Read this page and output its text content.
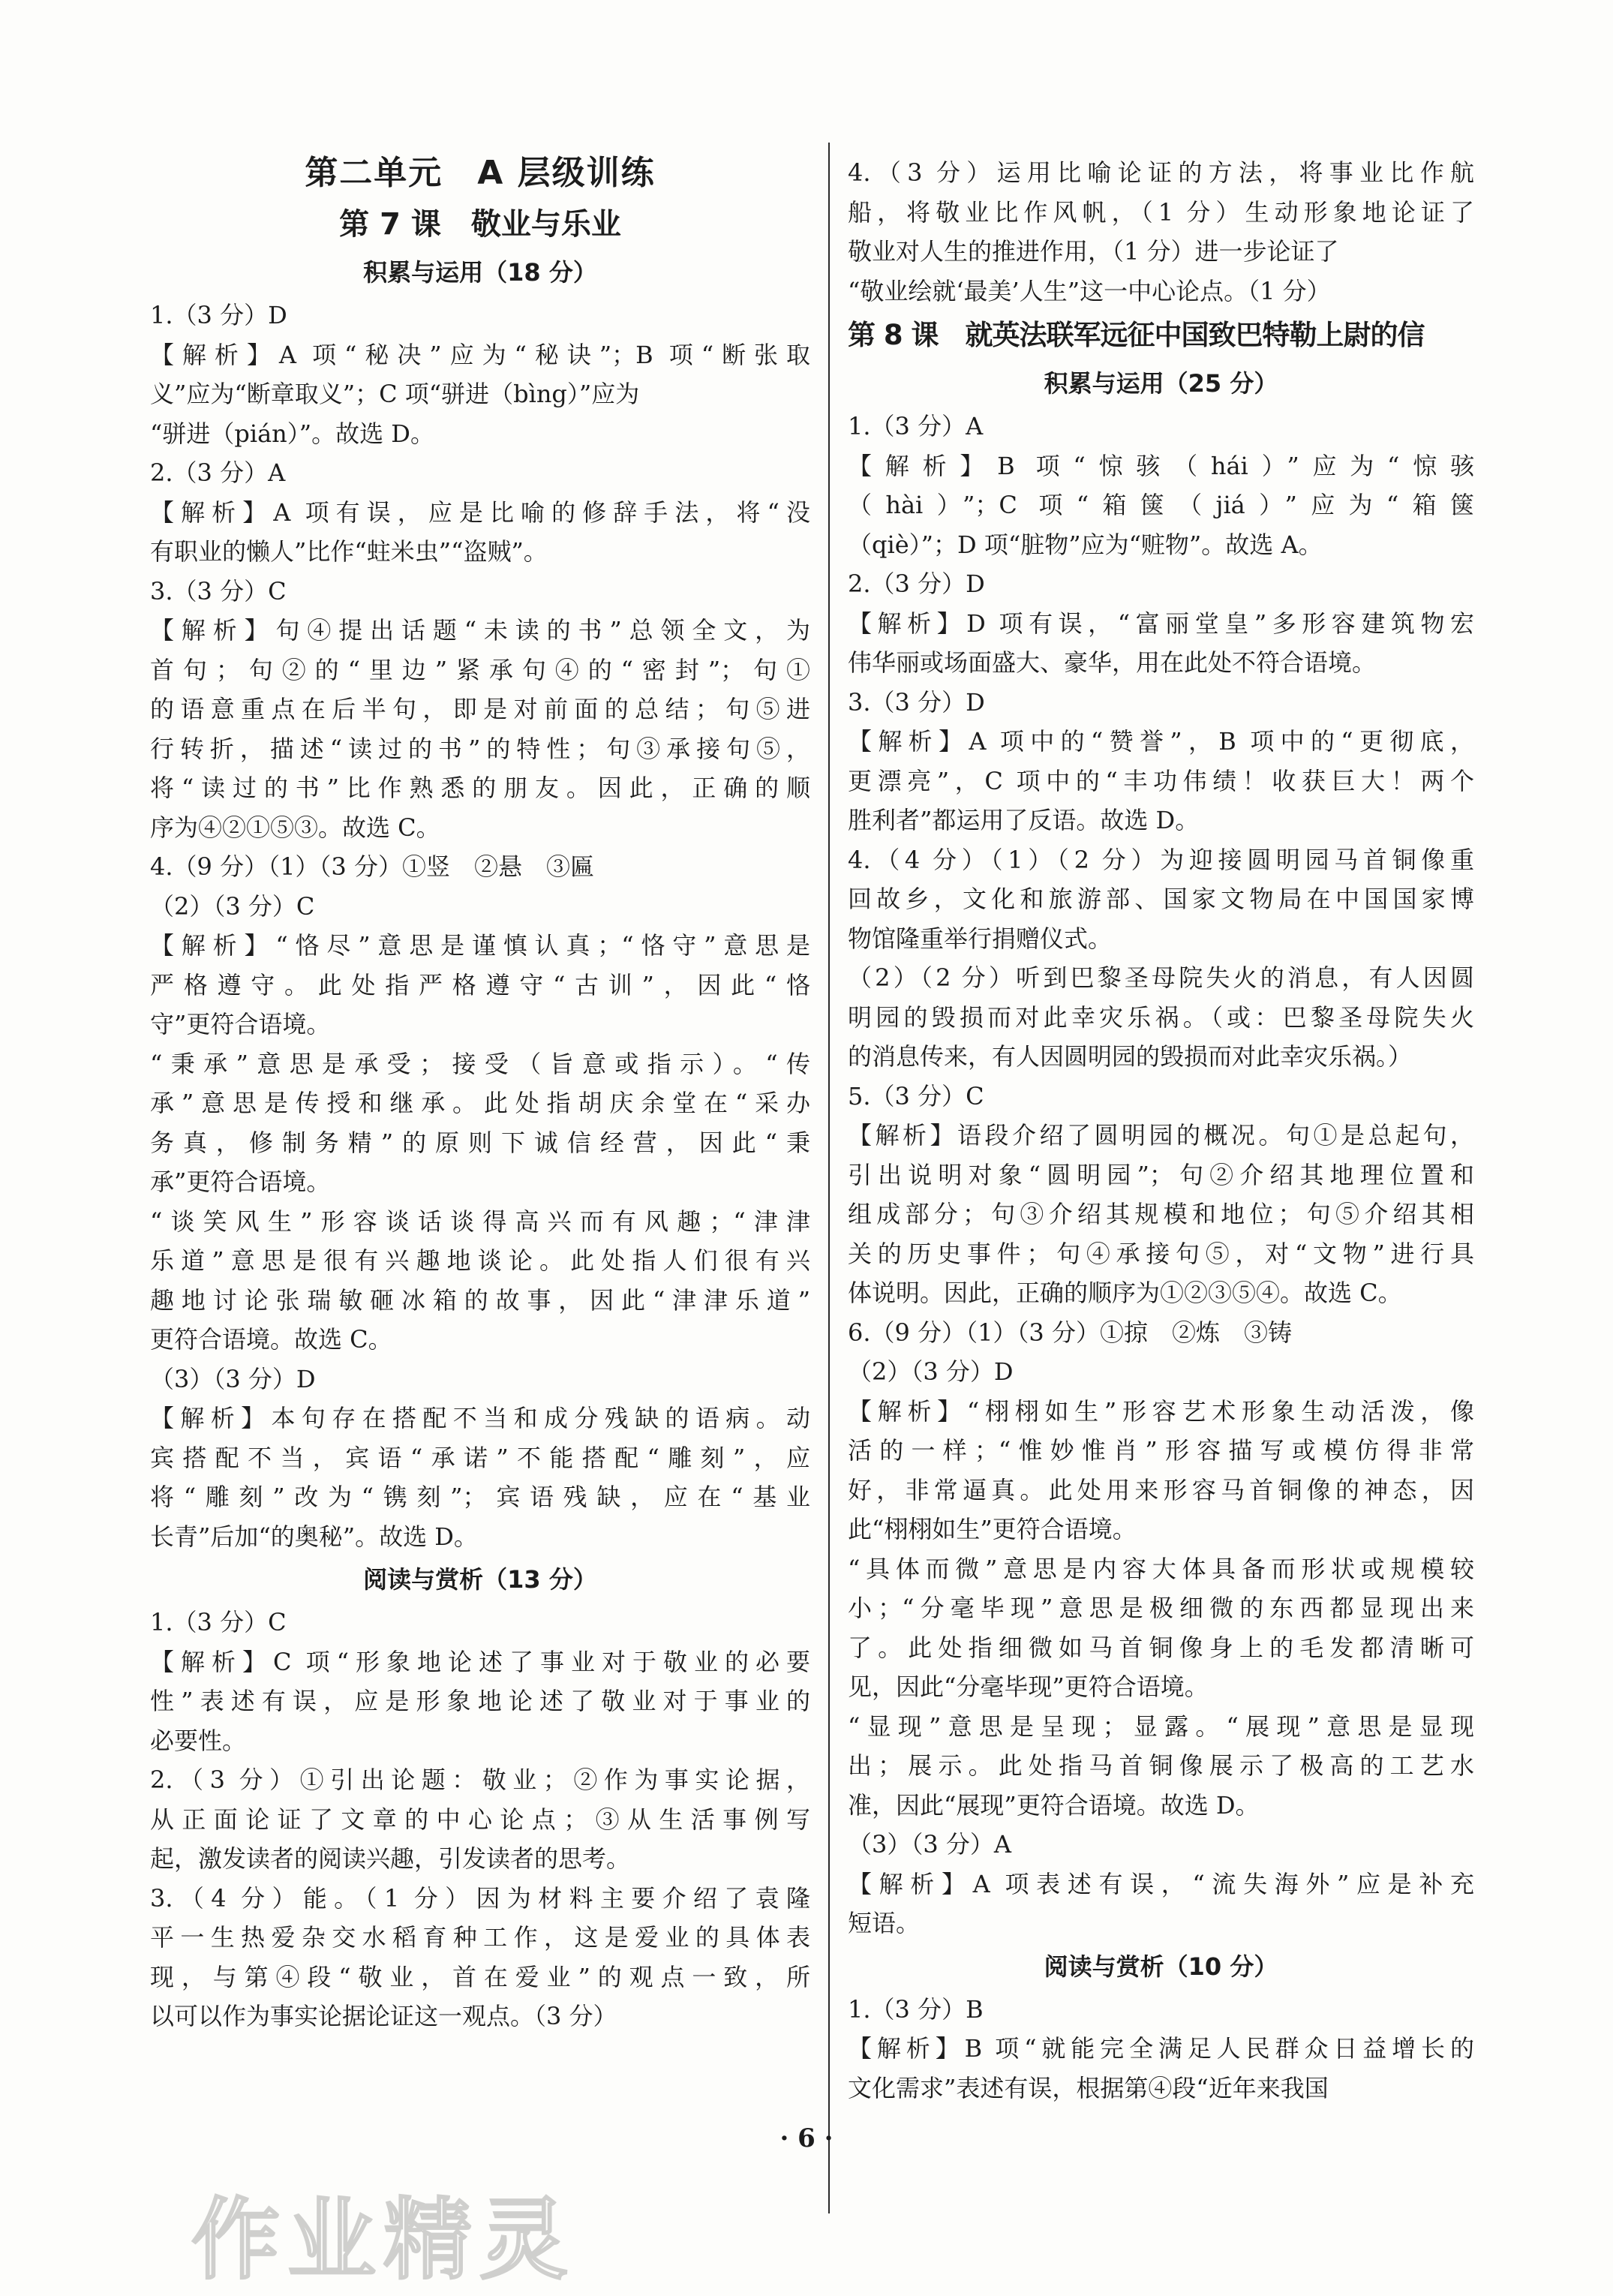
第二单元　A 层级训练
第 7 课　敬业与乐业
积累与运用（18 分）
1.（3 分）D
【解析】A 项“秘决”应为“秘诀”；B 项“断张取
义”应为“断章取义”；C 项“骈进（bìng）”应为
“骈进（pián）”。故选 D。
2.（3 分）A
【解析】A 项有误，应是比喻的修辞手法，将“没
有职业的懒人”比作“蛀米虫”“盗贼”。
3.（3 分）C
【解析】句④提出话题“未读的书”总领全文，为
首句；句②的“里边”紧承句④的“密封”；句①
的语意重点在后半句，即是对前面的总结；句⑤进
行转折，描述“读过的书”的特性；句③承接句⑤，
将“读过的书”比作熟悉的朋友。因此，正确的顺
序为④②①⑤③。故选 C。
4.（9 分）（1）（3 分）①竖　②悬　③匾
（2）（3 分）C
【解析】“恪尽”意思是谨慎认真；“恪守”意思是
严格遵守。此处指严格遵守“古训”，因此“恪
守”更符合语境。
“秉承”意思是承受；接受（旨意或指示）。“传
承”意思是传授和继承。此处指胡庆余堂在“采办
务真，修制务精”的原则下诚信经营，因此“秉
承”更符合语境。
“谈笑风生”形容谈话谈得高兴而有风趣；“津津
乐道”意思是很有兴趣地谈论。此处指人们很有兴
趣地讨论张瑞敏砸冰箱的故事，因此“津津乐道”
更符合语境。故选 C。
（3）（3 分）D
【解析】本句存在搭配不当和成分残缺的语病。动
宾搭配不当，宾语“承诺”不能搭配“雕刻”，应
将“雕刻”改为“镌刻”；宾语残缺，应在“基业
长青”后加“的奥秘”。故选 D。
阅读与赏析（13 分）
1.（3 分）C
【解析】C 项“形象地论述了事业对于敬业的必要
性”表述有误，应是形象地论述了敬业对于事业的
必要性。
2.（3 分）①引出论题：敬业；②作为事实论据，
从正面论证了文章的中心论点；③从生活事例写
起，激发读者的阅读兴趣，引发读者的思考。
3.（4 分）能。（1 分）因为材料主要介绍了袁隆
平一生热爱杂交水稻育种工作，这是爱业的具体表
现，与第④段“敬业，首在爱业”的观点一致，所
以可以作为事实论据论证这一观点。（3 分）
4.（3 分）运用比喻论证的方法，将事业比作航
船，将敬业比作风帆，（1 分）生动形象地论证了
敬业对人生的推进作用，（1 分）进一步论证了
“敬业绘就‘最美’人生”这一中心论点。（1 分）
第 8 课　就英法联军远征中国致巴特勒上尉的信
积累与运用（25 分）
1.（3 分）A
【解析】B 项“惊骇（hái）”应为“惊骇
（hài）”；C 项“箱箧（jiá）”应为“箱箧
（qiè）”；D 项“脏物”应为“赃物”。故选 A。
2.（3 分）D
【解析】D 项有误，“富丽堂皇”多形容建筑物宏
伟华丽或场面盛大、豪华，用在此处不符合语境。
3.（3 分）D
【解析】A 项中的“赞誉”，B 项中的“更彻底，
更漂亮”，C 项中的“丰功伟绩！收获巨大！两个
胜利者”都运用了反语。故选 D。
4.（4 分）（1）（2 分）为迎接圆明园马首铜像重
回故乡，文化和旅游部、国家文物局在中国国家博
物馆隆重举行捐赠仪式。
（2）（2 分）听到巴黎圣母院失火的消息，有人因圆
明园的毁损而对此幸灾乐祸。（或：巴黎圣母院失火
的消息传来，有人因圆明园的毁损而对此幸灾乐祸。）
5.（3 分）C
【解析】语段介绍了圆明园的概况。句①是总起句，
引出说明对象“圆明园”；句②介绍其地理位置和
组成部分；句③介绍其规模和地位；句⑤介绍其相
关的历史事件；句④承接句⑤，对“文物”进行具
体说明。因此，正确的顺序为①②③⑤④。故选 C。
6.（9 分）（1）（3 分）①掠　②炼　③铸
（2）（3 分）D
【解析】“栩栩如生”形容艺术形象生动活泼，像
活的一样；“惟妙惟肖”形容描写或模仿得非常
好，非常逼真。此处用来形容马首铜像的神态，因
此“栩栩如生”更符合语境。
“具体而微”意思是内容大体具备而形状或规模较
小；“分毫毕现”意思是极细微的东西都显现出来
了。此处指细微如马首铜像身上的毛发都清晰可
见，因此“分毫毕现”更符合语境。
“显现”意思是呈现；显露。“展现”意思是显现
出；展示。此处指马首铜像展示了极高的工艺水
准，因此“展现”更符合语境。故选 D。
（3）（3 分）A
【解析】A 项表述有误，“流失海外”应是补充
短语。
阅读与赏析（10 分）
1.（3 分）B
【解析】B 项“就能完全满足人民群众日益增长的
文化需求”表述有误，根据第④段“近年来我国
· 6 ·
作业精灵
